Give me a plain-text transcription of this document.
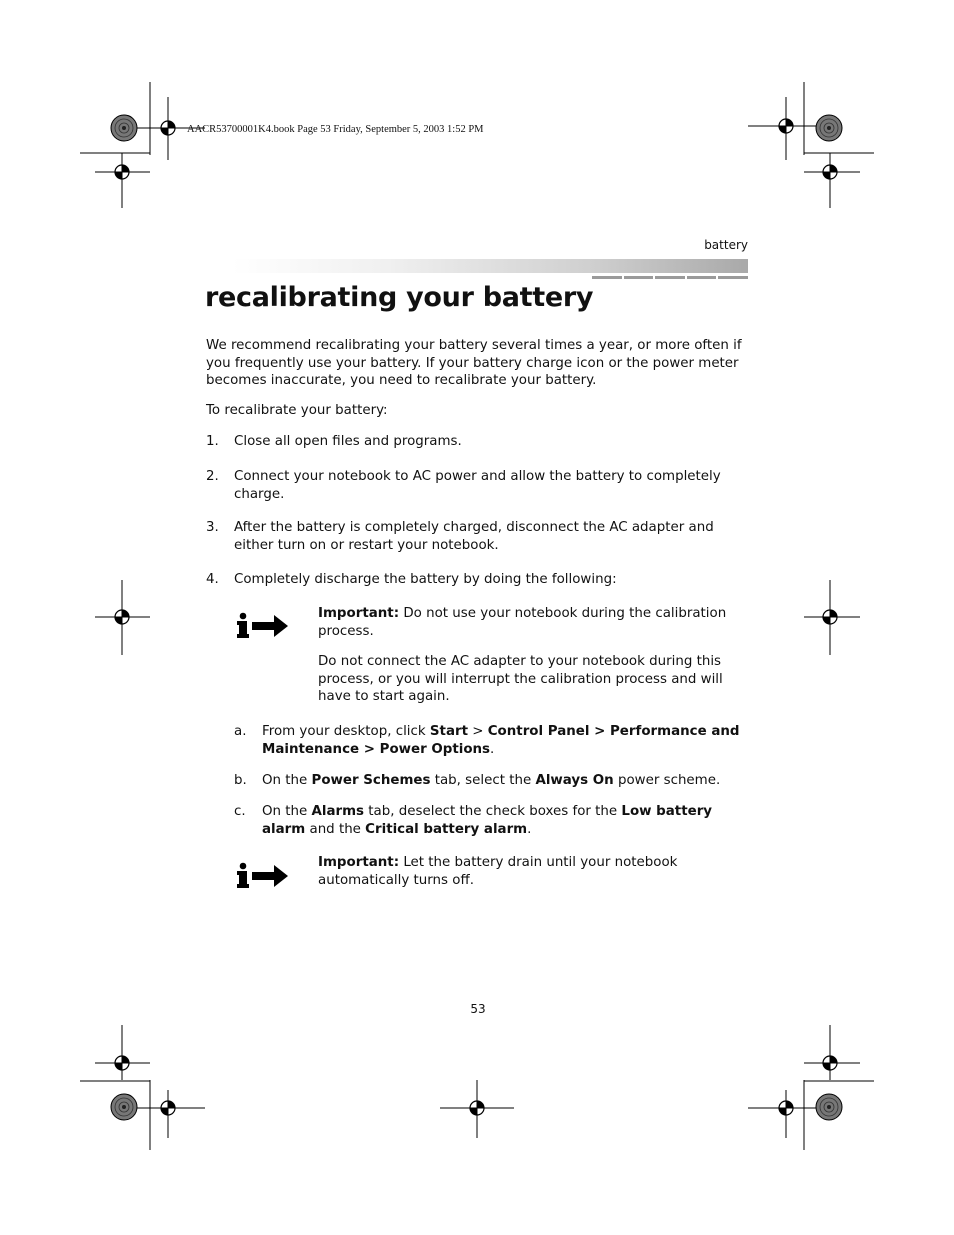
AACR53700001K4.book Page 53 Friday, September 5, 2003 1:52 PM
battery
recalibrating your battery

We recommend recalibrating your battery several times a year, or more often if you frequently use your battery. If your battery charge icon or the power meter becomes inaccurate, you need to recalibrate your battery.

To recalibrate your battery:

1. Close all open files and programs.
2. Connect your notebook to AC power and allow the battery to completely charge.
3. After the battery is completely charged, disconnect the AC adapter and either turn on or restart your notebook.
4. Completely discharge the battery by doing the following:
Important: Do not use your notebook during the calibration process.
Do not connect the AC adapter to your notebook during this process, or you will interrupt the calibration process and will have to start again.
a. From your desktop, click Start > Control Panel > Performance and Maintenance > Power Options.
b. On the Power Schemes tab, select the Always On power scheme.
c. On the Alarms tab, deselect the check boxes for the Low battery alarm and the Critical battery alarm.
Important: Let the battery drain until your notebook automatically turns off.
53
